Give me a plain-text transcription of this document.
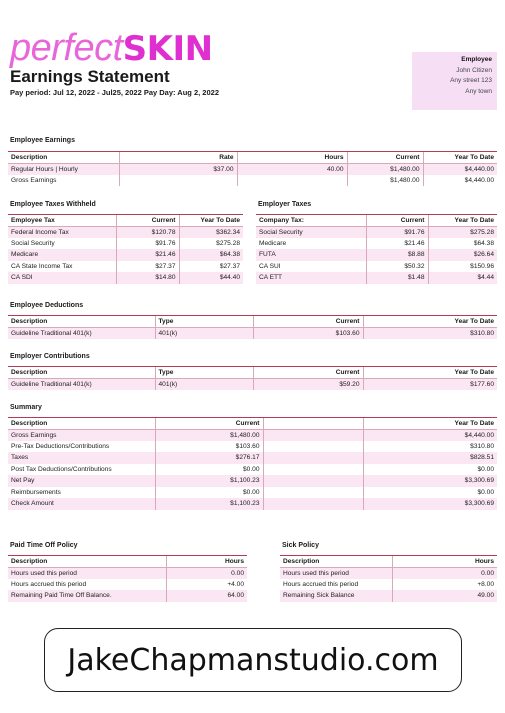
perfectSKIN
Earnings Statement
Pay period: Jul 12, 2022 - Jul25, 2022 Pay Day: Aug 2, 2022
Employee
John Citizen
Any street 123
Any town
Employee Earnings
Description	Rate	Hours	Current	Year To Date
Regular Hours | Hourly	$37.00	40.00	$1,480.00	$4,440.00
Gross Earnings			$1,480.00	$4,440.00
Employee Taxes Withheld
Employee Tax	Current	Year To Date
Federal Income Tax	$120.78	$362.34
Social Security	$91.76	$275.28
Medicare	$21.46	$64.38
CA State Income Tax	$27.37	$27.37
CA SDI	$14.80	$44.40
Employer Taxes
Company Tax:	Current	Year To Date
Social Security	$91.76	$275.28
Medicare	$21.46	$64.38
FUTA	$8.88	$26.64
CA SUI	$50.32	$150.96
CA ETT	$1.48	$4.44
Employee Deductions
Description	Type	Current	Year To Date
Guideline Traditional 401(k)	401(k)	$103.60	$310.80
Employer Contributions
Description	Type	Current	Year To Date
Guideline Traditional 401(k)	401(k)	$59.20	$177.60
Summary
Description	Current		Year To Date
Gross Earnings	$1,480.00		$4,440.00
Pre-Tax Deductions/Contributions	$103.60		$310.80
Taxes	$276.17		$828.51
Post Tax Deductions/Contributions	$0.00		$0.00
Net Pay	$1,100.23		$3,300.69
Reimbursements	$0.00		$0.00
Check Amount	$1,100.23		$3,300.69
Paid Time Off Policy
Description	Hours
Hours used this period	0.00
Hours accrued this period	+4.00
Remaining Paid Time Off Balance.	64.00
Sick Policy
Description	Hours
Hours used this period	0.00
Hours accrued this period	+8.00
Remaining Sick Balance	49.00
JakeChapmanstudio.com
